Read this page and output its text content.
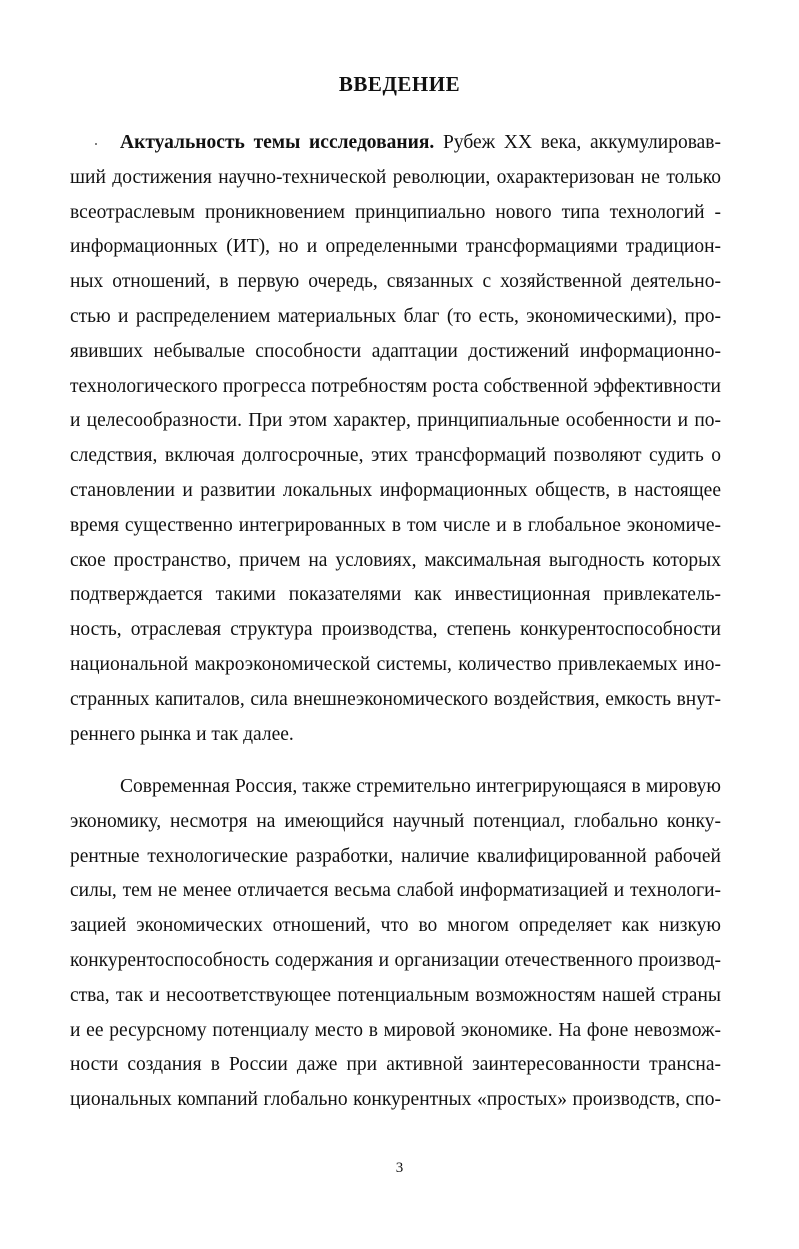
ВВЕДЕНИЕ
Актуальность темы исследования. Рубеж XX века, аккумулировав-
ший достижения научно-технической революции, охарактеризован не только
всеотраслевым проникновением принципиально нового типа технологий -
информационных (ИТ), но и определенными трансформациями традицион-
ных отношений, в первую очередь, связанных с хозяйственной деятельно-
стью и распределением материальных благ (то есть, экономическими), про-
явивших небывалые способности адаптации достижений информационно-
технологического прогресса потребностям роста собственной эффективности
и целесообразности. При этом характер, принципиальные особенности и по-
следствия, включая долгосрочные, этих трансформаций позволяют судить о
становлении и развитии локальных информационных обществ, в настоящее
время существенно интегрированных в том числе и в глобальное экономиче-
ское пространство, причем на условиях, максимальная выгодность которых
подтверждается такими показателями как инвестиционная привлекатель-
ность, отраслевая структура производства, степень конкурентоспособности
национальной макроэкономической системы, количество привлекаемых ино-
странных капиталов, сила внешнеэкономического воздействия, емкость внут-
реннего рынка и так далее.
Современная Россия, также стремительно интегрирующаяся в мировую
экономику, несмотря на имеющийся научный потенциал, глобально конку-
рентные технологические разработки, наличие квалифицированной рабочей
силы, тем не менее отличается весьма слабой информатизацией и технологи-
зацией экономических отношений, что во многом определяет как низкую
конкурентоспособность содержания и организации отечественного производ-
ства, так и несоответствующее потенциальным возможностям нашей страны
и ее ресурсному потенциалу место в мировой экономике. На фоне невозмож-
ности создания в России даже при активной заинтересованности трансна-
циональных компаний глобально конкурентных «простых» производств, спо-
3
